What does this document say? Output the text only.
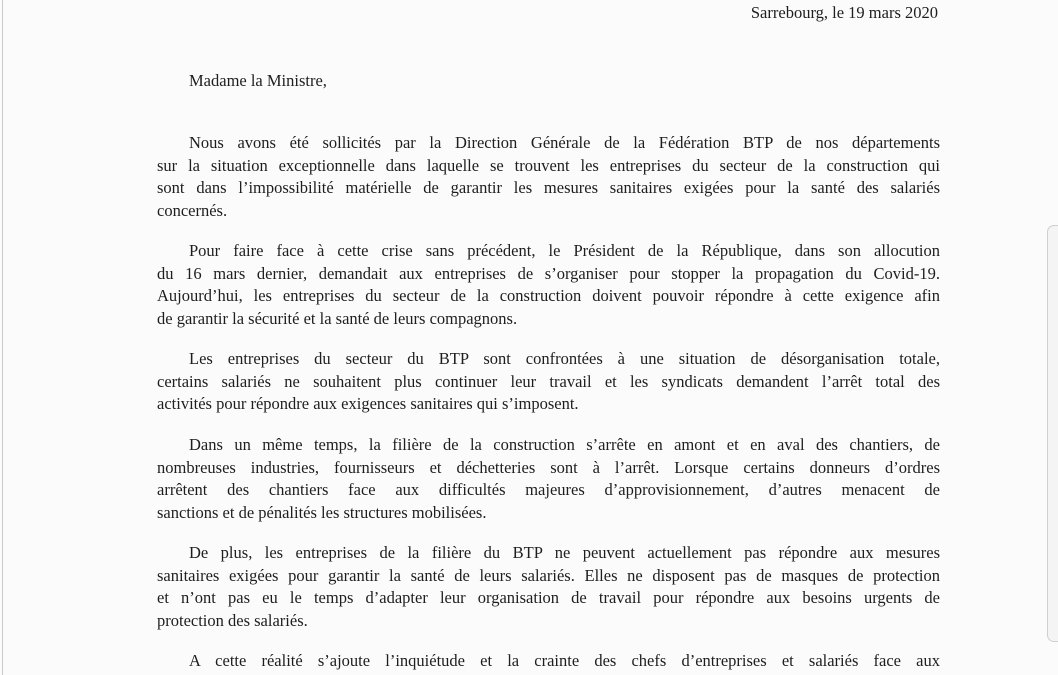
Sarrebourg, le 19 mars 2020
Madame la Ministre,
Nous avons été sollicités par la Direction Générale de la Fédération BTP de nos départements
sur la situation exceptionnelle dans laquelle se trouvent les entreprises du secteur de la construction qui
sont dans l’impossibilité matérielle de garantir les mesures sanitaires exigées pour la santé des salariés
concernés.
Pour faire face à cette crise sans précédent, le Président de la République, dans son allocution
du 16 mars dernier, demandait aux entreprises de s’organiser pour stopper la propagation du Covid-19.
Aujourd’hui, les entreprises du secteur de la construction doivent pouvoir répondre à cette exigence afin
de garantir la sécurité et la santé de leurs compagnons.
Les entreprises du secteur du BTP sont confrontées à une situation de désorganisation totale,
certains salariés ne souhaitent plus continuer leur travail et les syndicats demandent l’arrêt total des
activités pour répondre aux exigences sanitaires qui s’imposent.
Dans un même temps, la filière de la construction s’arrête en amont et en aval des chantiers, de
nombreuses industries, fournisseurs et déchetteries sont à l’arrêt. Lorsque certains donneurs d’ordres
arrêtent des chantiers face aux difficultés majeures d’approvisionnement, d’autres menacent de
sanctions et de pénalités les structures mobilisées.
De plus, les entreprises de la filière du BTP ne peuvent actuellement pas répondre aux mesures
sanitaires exigées pour garantir la santé de leurs salariés. Elles ne disposent pas de masques de protection
et n’ont pas eu le temps d’adapter leur organisation de travail pour répondre aux besoins urgents de
protection des salariés.
A cette réalité s’ajoute l’inquiétude et la crainte des chefs d’entreprises et salariés face aux
